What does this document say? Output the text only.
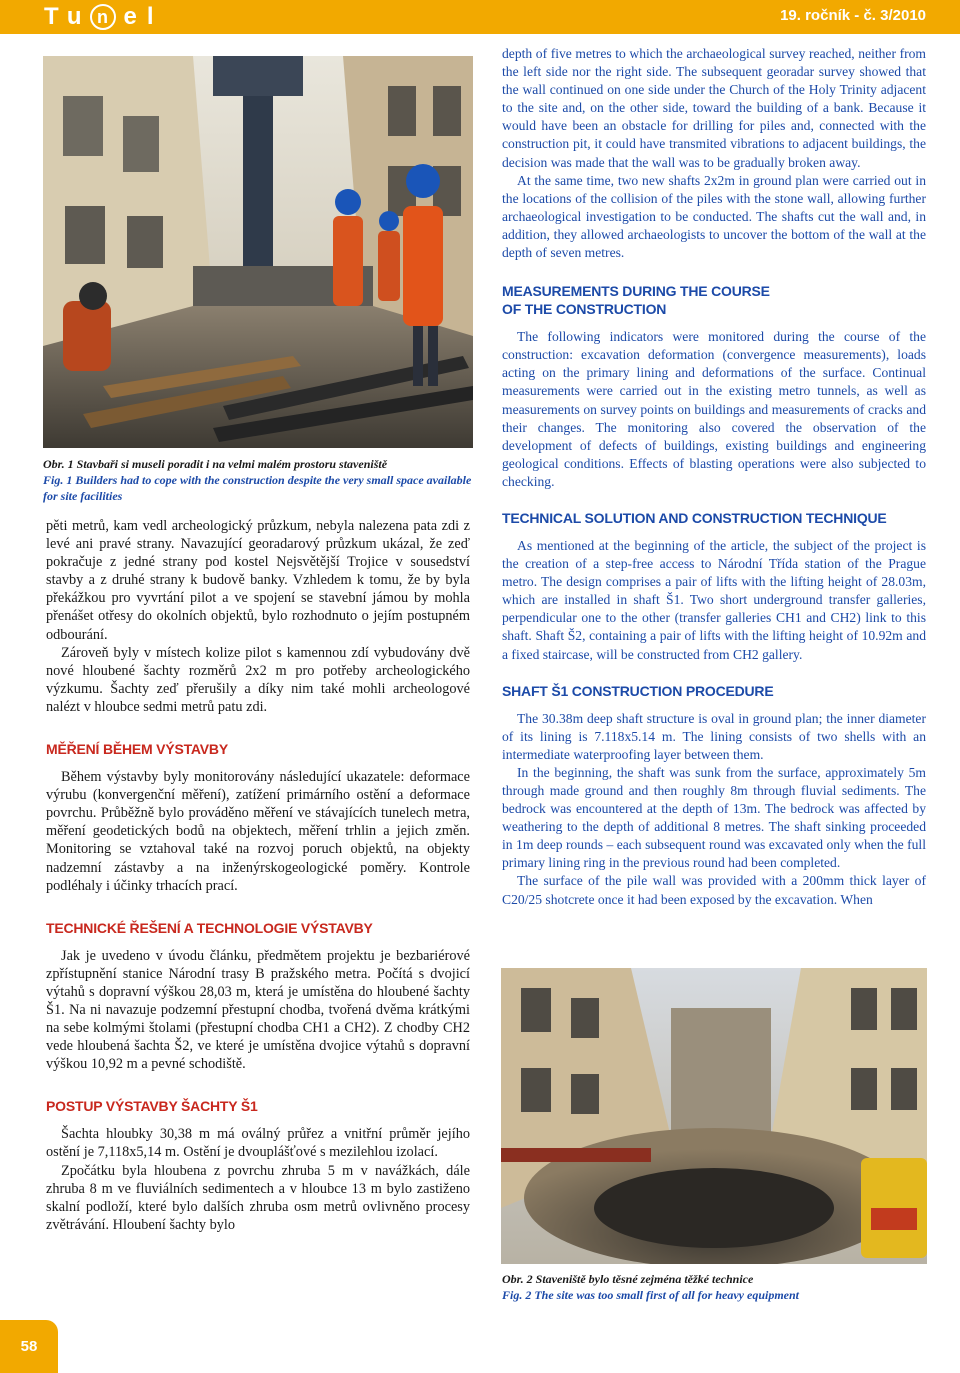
Tu n el	19. ročník - č. 3/2010
Obr. 1 Stavbaři si museli poradit i na velmi malém prostoru staveniště
Fig. 1 Builders had to cope with the construction despite the very small space available for site facilities

pěti metrů, kam vedl archeologický průzkum, nebyla nalezena pata zdi z levé ani pravé strany. Navazující georadarový průzkum ukázal, že zeď pokračuje z jedné strany pod kostel Nejsvětější Trojice v sousedství stavby a z druhé strany k budově banky. Vzhledem k tomu, že by byla překážkou pro vyvrtání pilot a ve spojení se stavební jámou by mohla přenášet otřesy do okolních objektů, bylo rozhodnuto o jejím postupném odbourání.

Zároveň byly v místech kolize pilot s kamennou zdí vybudovány dvě nové hloubené šachty rozměrů 2x2 m pro potřeby archeologického výzkumu. Šachty zeď přerušily a díky nim také mohli archeologové nalézt v hloubce sedmi metrů patu zdi.

MĚŘENÍ BĚHEM VÝSTAVBY

Během výstavby byly monitorovány následující ukazatele: deformace výrubu (konvergenční měření), zatížení primárního ostění a deformace povrchu. Průběžně bylo prováděno měření ve stávajících tunelech metra, měření geodetických bodů na objektech, měření trhlin a jejich změn. Monitoring se vztahoval také na rozvoj poruch objektů, na objekty nadzemní zástavby a na inženýrskogeologické poměry. Kontrole podléhaly i účinky trhacích prací.

TECHNICKÉ ŘEŠENÍ A TECHNOLOGIE VÝSTAVBY

Jak je uvedeno v úvodu článku, předmětem projektu je bezbariérové zpřístupnění stanice Národní trasy B pražského metra. Počítá s dvojicí výtahů s dopravní výškou 28,03 m, která je umístěna do hloubené šachty Š1. Na ni navazuje podzemní přestupní chodba, tvořená dvěma krátkými na sebe kolmými štolami (přestupní chodba CH1 a CH2). Z chodby CH2 vede hloubená šachta Š2, ve které je umístěna dvojice výtahů s dopravní výškou 10,92 m a pevné schodiště.

POSTUP VÝSTAVBY ŠACHTY Š1

Šachta hloubky 30,38 m má oválný průřez a vnitřní průměr jejího ostění je 7,118x5,14 m. Ostění je dvouplášťové s mezilehlou izolací.

Zpočátku byla hloubena z povrchu zhruba 5 m v navážkách, dále zhruba 8 m ve fluviálních sedimentech a v hloubce 13 m bylo zastiženo skalní podloží, které bylo dalších zhruba osm metrů ovlivněno procesy zvětrávání. Hloubení šachty bylo

depth of five metres to which the archaeological survey reached, neither from the left side nor the right side. The subsequent georadar survey showed that the wall continued on one side under the Church of the Holy Trinity adjacent to the site and, on the other side, toward the building of a bank. Because it would have been an obstacle for drilling for piles and, connected with the construction pit, it could have transmited vibrations to adjacent buildings, the decision was made that the wall was to be gradually broken away.

At the same time, two new shafts 2x2m in ground plan were carried out in the locations of the collision of the piles with the stone wall, allowing further archaeological investigation to be conducted. The shafts cut the wall and, in addition, they allowed archaeologists to uncover the bottom of the wall at the depth of seven metres.

MEASUREMENTS DURING THE COURSE
OF THE CONSTRUCTION

The following indicators were monitored during the course of the construction: excavation deformation (convergence measurements), loads acting on the primary lining and deformations of the surface. Continual measurements were carried out in the existing metro tunnels, as well as measurements on survey points on buildings and measurements of cracks and their changes. The monitoring also covered the observation of the development of defects of buildings, existing buildings and engineering geological conditions. Effects of blasting operations were also subjected to checking.

TECHNICAL SOLUTION AND CONSTRUCTION TECHNIQUE

As mentioned at the beginning of the article, the subject of the project is the creation of a step-free access to Národní Třída station of the Prague metro. The design comprises a pair of lifts with the lifting height of 28.03m, which are installed in shaft Š1. Two short underground transfer galleries, perpendicular one to the other (transfer galleries CH1 and CH2) link to this shaft. Shaft Š2, containing a pair of lifts with the lifting height of 10.92m and a fixed staircase, will be constructed from CH2 gallery.

SHAFT Š1 CONSTRUCTION PROCEDURE

The 30.38m deep shaft structure is oval in ground plan; the inner diameter of its lining is 7.118x5.14 m. The lining consists of two shells with an intermediate waterproofing layer between them.

In the beginning, the shaft was sunk from the surface, approximately 5m through made ground and then roughly 8m through fluvial sediments. The bedrock was encountered at the depth of 13m. The bedrock was affected by weathering to the depth of additional 8 metres. The shaft sinking proceeded in 1m deep rounds – each subsequent round was excavated only when the full primary lining ring in the previous round had been completed.

The surface of the pile wall was provided with a 200mm thick layer of C20/25 shotcrete once it had been exposed by the excavation. When

Obr. 2 Staveniště bylo těsné zejména těžké technice
Fig. 2 The site was too small first of all for heavy equipment
58
